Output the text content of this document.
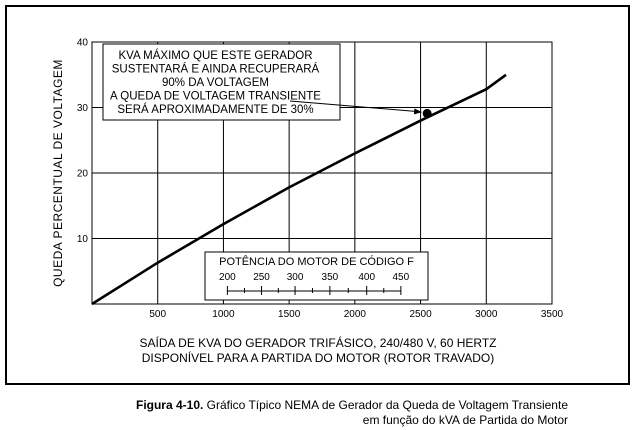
500	1000	1500	2000	2500	3000	3500
10
20
30
40
QUEDA PERCENTUAL DE VOLTAGEM
SAÍDA DE KVA DO GERADOR TRIFÁSICO, 240/480 V, 60 HERTZ
DISPONÍVEL PARA A PARTIDA DO MOTOR (ROTOR TRAVADO)
POTÊNCIA DO MOTOR DE CÓDIGO F
200 250 300 350 400 450
KVA MÁXIMO QUE ESTE GERADOR
SUSTENTARÁ E AINDA RECUPERARÁ
90% DA VOLTAGEM
A QUEDA DE VOLTAGEM TRANSIENTE
SERÁ APROXIMADAMENTE DE 30%
Figura 4-10. Gráfico Típico NEMA de Gerador da Queda de Voltagem Transiente
em função do kVA de Partida do Motor
